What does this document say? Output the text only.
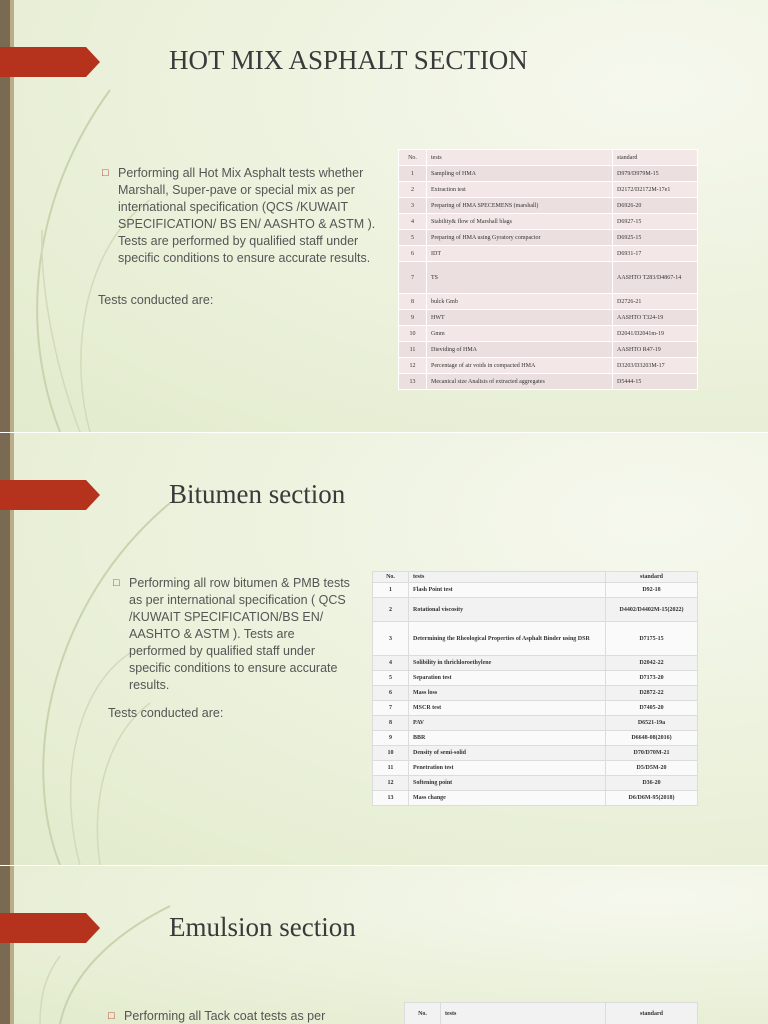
HOT MIX ASPHALT SECTION
□ Performing all Hot Mix Asphalt tests whether Marshall, Super-pave or special mix as per international specification (QCS /KUWAIT SPECIFICATION/ BS EN/ AASHTO & ASTM ). Tests are performed by qualified staff under specific conditions to ensure accurate results.
Tests conducted are:
No.	tests	standard
1	Sampling of HMA	D979/D979M-15
2	Extraction test	D2172/D2172M-17e1
3	Preparing of HMA SPECEMENS (marshall)	D6926-20
4	Stability& flow of Marshall blags	D6927-15
5	Preparing of HMA using Gyratory compactor	D6925-15
6	IDT	D6931-17
7	TS	AASHTO T283/D4867-14
8	bulck Gmb	D2726-21
9	HWT	AASHTO T324-19
10	Gmm	D2041/D2041m-19
11	Dieviding of HMA	AASHTO R47-19
12	Percentage of air voids in compacted HMA	D3203/D3203M-17
13	Mecanical size Analisis of extracted aggregates	D5444-15
Bitumen section
□ Performing all row bitumen & PMB tests as per international specification ( QCS /KUWAIT SPECIFICATION/BS EN/ AASHTO & ASTM ). Tests are performed by qualified staff under specific conditions to ensure accurate results.
Tests conducted are:
No.	tests	standard
1	Flash Point test	D92-18
2	Rotational viscosity	D4402/D4402M-15(2022)
3	Determining the Rheological Properties of Asphalt Binder using DSR	D7175-15
4	Solibility in thrichloroethylene	D2042-22
5	Separation test	D7173-20
6	Mass loss	D2872-22
7	MSCR test	D7405-20
8	PAV	D6521-19a
9	BBR	D6648-08(2016)
10	Density of semi-solid	D70/D70M-21
11	Penetration test	D5/D5M-20
12	Softening point	D36-20
13	Mass change	D6/D6M-95(2018)
Emulsion section
□ Performing all Tack coat tests as per	No.	tests	standard
